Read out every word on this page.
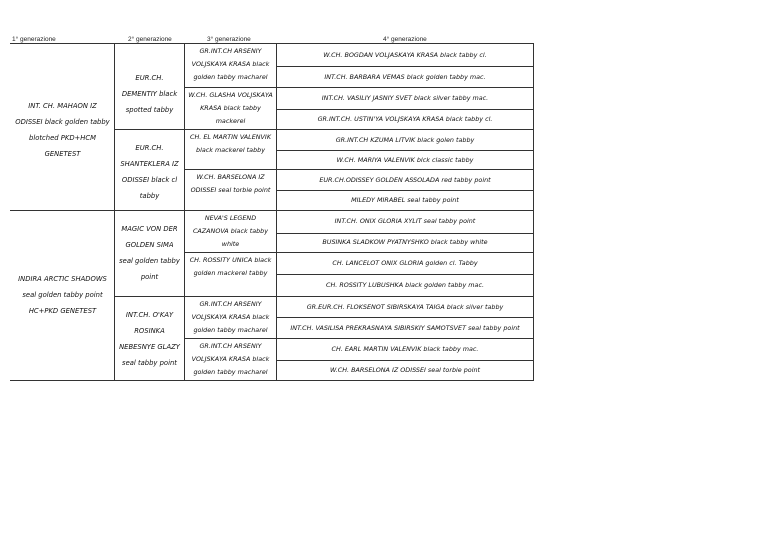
1° generazione	2° generazione	3° generazione	4° generazione
INT. CH. MAHAON IZ ODISSEI black golden tabby blotched PKD+HCM GENETEST	EUR.CH. DEMENTIY black spotted tabby	GR.INT.CH ARSENIY VOLJSKAYA KRASA black golden tabby macharel	W.CH. BOGDAN VOLJASKAYA KRASA black tabby cl.
			INT.CH. BARBARA VEMAS black golden tabby mac.
		W.CH. GLASHA VOLJSKAYA KRASA black tabby mackerel	INT.CH. VASILIY JASNIY SVET black silver tabby mac.
			GR.INT.CH. USTIN'YA VOLJSKAYA KRASA black tabby cl.
	EUR.CH. SHANTEKLERA IZ ODISSEI black cl tabby	CH. EL MARTIN VALENVIK black mackerel tabby	GR.INT.CH KZUMA LITVIK black golen tabby
			W.CH. MARIYA VALENVIK blck classic tabby
		W.CH. BARSELONA IZ ODISSEI seal torbie point	EUR.CH.ODISSEY GOLDEN ASSOLADA red tabby point
			MILEDY MIRABEL seal tabby point
INDIRA ARCTIC SHADOWS seal golden tabby point HC+PKD GENETEST	MAGIC VON DER GOLDEN SIMA seal golden tabby point	NEVA'S LEGEND CAZANOVA black tabby white	INT.CH. ONIX GLORIA XYLIT seal tabby point
			BUSINKA SLADKOW PYATNYSHKO black tabby white
		CH. ROSSITY UNICA black golden mackerel tabby	CH. LANCELOT ONIX GLORIA golden cl. Tabby
			CH. ROSSITY LUBUSHKA black golden tabby mac.
	INT.CH. O'KAY ROSINKA NEBESNYE GLAZY seal tabby point	GR.INT.CH ARSENIY VOLJSKAYA KRASA black golden tabby macharel	GR.EUR.CH. FLOKSENOT SIBIRSKAYA TAIGA black silver tabby
			INT.CH. VASILISA PREKRASNAYA SIBIRSKIY SAMOTSVET seal tabby point
		GR.INT.CH ARSENIY VOLJSKAYA KRASA black golden tabby macharel	CH. EARL MARTIN VALENVIK black tabby mac.
			W.CH. BARSELONA IZ ODISSEI seal torbie point
